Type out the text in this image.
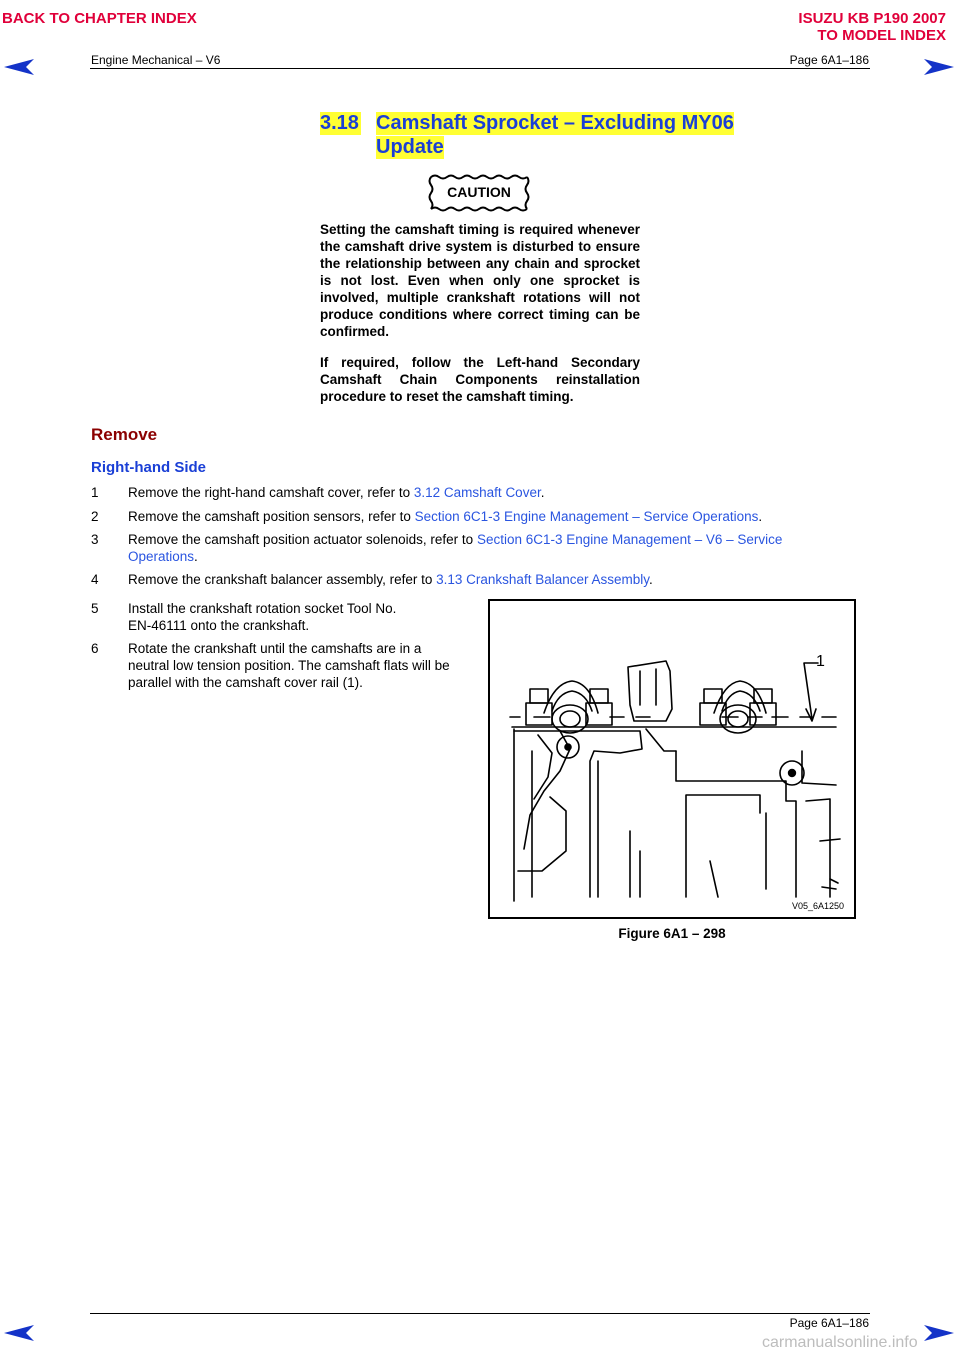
BACK TO CHAPTER INDEX	ISUZU KB P190 2007
TO MODEL INDEX
Engine Mechanical – V6	Page 6A1–186
3.18 Camshaft Sprocket – Excluding MY06
Update
CAUTION
Setting the camshaft timing is required whenever the camshaft drive system is disturbed to ensure the relationship between any chain and sprocket is not lost. Even when only one sprocket is involved, multiple crankshaft rotations will not produce conditions where correct timing can be confirmed.
If required, follow the Left-hand Secondary Camshaft Chain Components reinstallation procedure to reset the camshaft timing.
Remove
Right-hand Side
1 Remove the right-hand camshaft cover, refer to 3.12 Camshaft Cover.
2 Remove the camshaft position sensors, refer to Section 6C1-3 Engine Management – Service Operations.
3 Remove the camshaft position actuator solenoids, refer to Section 6C1-3 Engine Management – V6 – Service
Operations.
4 Remove the crankshaft balancer assembly, refer to 3.13 Crankshaft Balancer Assembly.
5 Install the crankshaft rotation socket Tool No.
EN-46111 onto the crankshaft.
6 Rotate the crankshaft until the camshafts are in a
neutral low tension position. The camshaft flats will be
parallel with the camshaft cover rail (1).
1
V05_6A1250
Figure 6A1 – 298
Page 6A1–186
carmanualsonline.info
